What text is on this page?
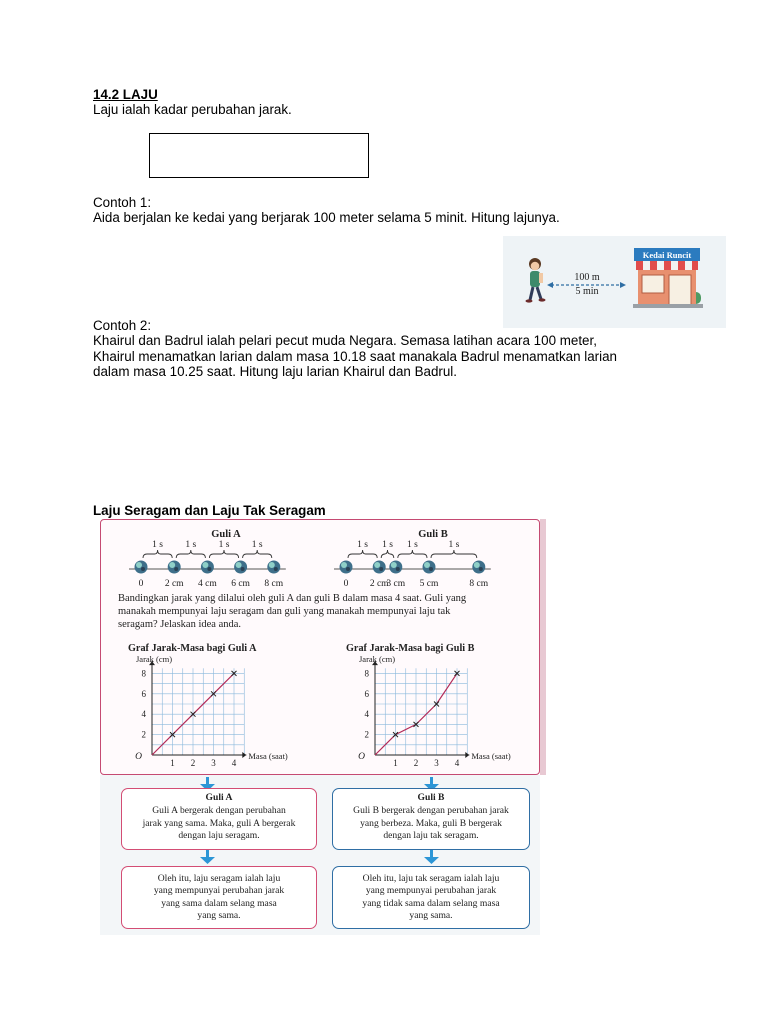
14.2 LAJU
Laju ialah kadar perubahan jarak.
Contoh 1:
Aida berjalan ke kedai yang berjarak 100 meter selama 5 minit. Hitung lajunya.
100 m
5 min
Kedai Runcit
Contoh 2:
Khairul dan Badrul ialah pelari pecut muda Negara. Semasa latihan acara 100 meter,
Khairul menamatkan larian dalam masa 10.18 saat manakala Badrul menamatkan larian
dalam masa 10.25 saat. Hitung laju larian Khairul dan Badrul.
Laju Seragam dan Laju Tak Seragam
Guli A	Guli B
1 s 1 s 1 s 1 s
0 2 cm 4 cm 6 cm 8 cm
1 s 1 s 1 s	1 s
0 2 cm
3 cm 5 cm	8 cm
Bandingkan jarak yang dilalui oleh guli A dan guli B dalam masa 4 saat. Guli yang
manakah mempunyai laju seragam dan guli yang manakah mempunyai laju tak
seragam? Jelaskan idea anda.
Graf Jarak-Masa bagi Guli A	Graf Jarak-Masa bagi Guli B
1 2 3 4
2
4
6
8
O
Jarak (cm)
Masa (saat)
1 2 3 4
2
4
6
8
O
Jarak (cm)
Masa (saat)
Guli A
Guli A bergerak dengan perubahan
jarak yang sama. Maka, guli A bergerak
dengan laju seragam.
Guli B
Guli B bergerak dengan perubahan jarak
yang berbeza. Maka, guli B bergerak
dengan laju tak seragam.
Oleh itu, laju seragam ialah laju
yang mempunyai perubahan jarak
yang sama dalam selang masa
yang sama.
Oleh itu, laju tak seragam ialah laju
yang mempunyai perubahan jarak
yang tidak sama dalam selang masa
yang sama.
